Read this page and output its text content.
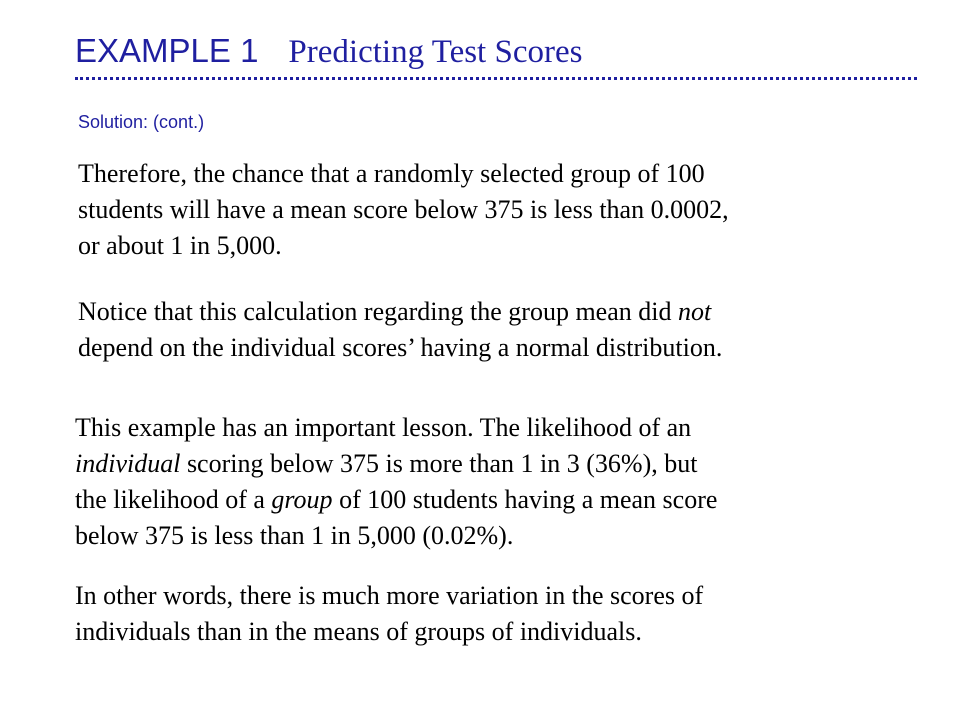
EXAMPLE 1 Predicting Test Scores
Solution: (cont.)

Therefore, the chance that a randomly selected group of 100
students will have a mean score below 375 is less than 0.0002,
or about 1 in 5,000.

Notice that this calculation regarding the group mean did not
depend on the individual scores’ having a normal distribution.

This example has an important lesson. The likelihood of an
individual scoring below 375 is more than 1 in 3 (36%), but
the likelihood of a group of 100 students having a mean score
below 375 is less than 1 in 5,000 (0.02%).

In other words, there is much more variation in the scores of
individuals than in the means of groups of individuals.
